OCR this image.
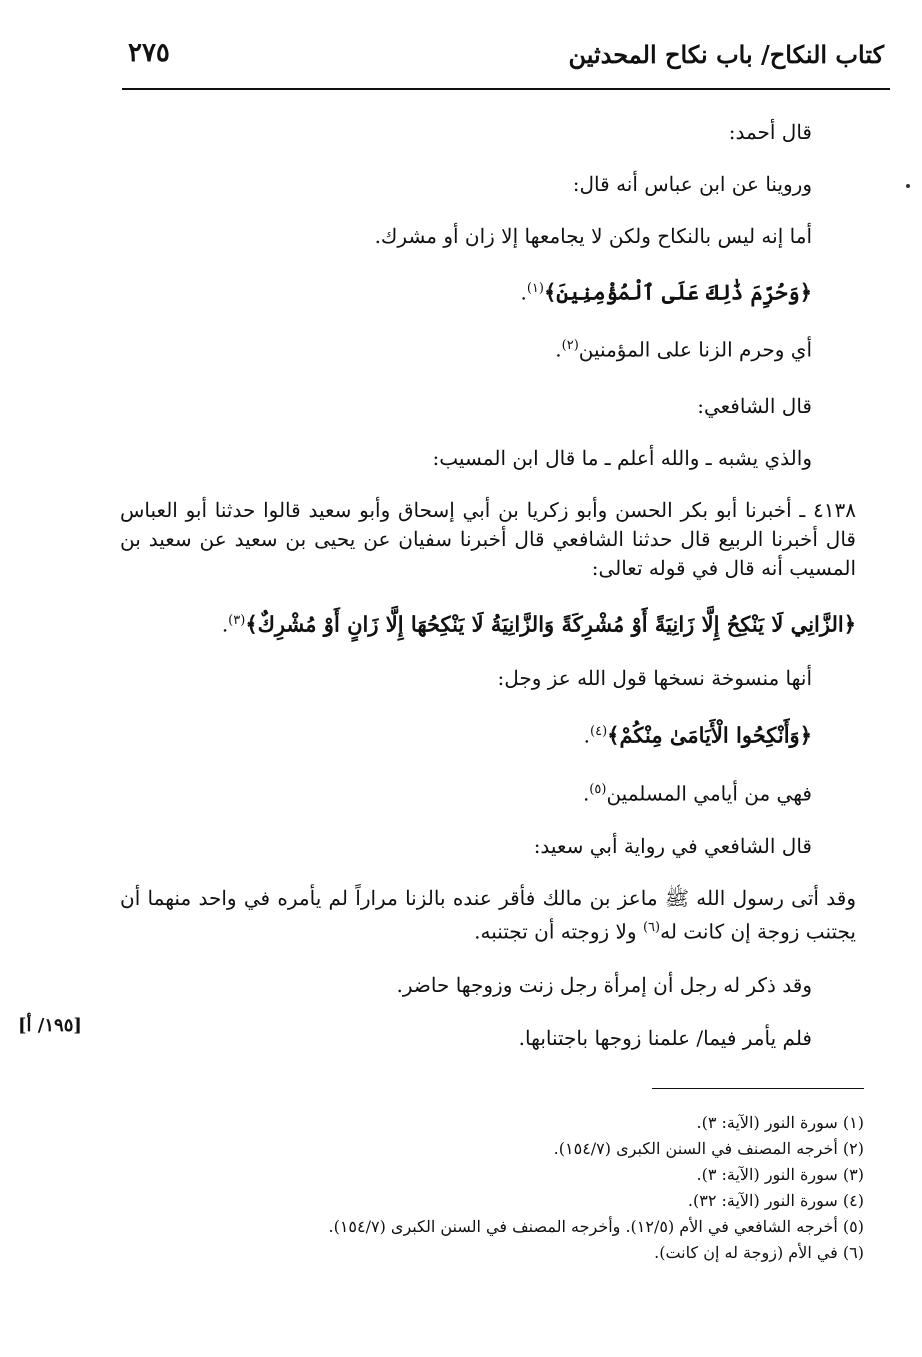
كتاب النكاح/ باب نكاح المحدثين
٢٧٥

قال أحمد:

وروينا عن ابن عباس أنه قال:

أما إنه ليس بالنكاح ولكن لا يجامعها إلا زان أو مشرك.

﴿وَحُرِّمَ ذَٰلِكَ عَلَى ٱلْمُؤْمِنِينَ﴾$^{(١)}$.

أي وحرم الزنا على المؤمنين$^{(٢)}$.

قال الشافعي:

والذي يشبه ـ والله أعلم ـ ما قال ابن المسيب:

٤١٣٨ ـ أخبرنا أبو بكر الحسن وأبو زكريا بن أبي إسحاق وأبو سعيد قالوا حدثنا أبو العباس قال أخبرنا الربيع قال حدثنا الشافعي قال أخبرنا سفيان عن يحيى بن سعيد عن سعيد بن المسيب أنه قال في قوله تعالى:

﴿الزَّانِي لَا يَنْكِحُ إِلَّا زَانِيَةً أَوْ مُشْرِكَةً وَالزَّانِيَةُ لَا يَنْكِحُهَا إِلَّا زَانٍ أَوْ مُشْرِكٌ﴾$^{(٣)}$.

أنها منسوخة نسخها قول الله عز وجل:

﴿وَأَنْكِحُوا الْأَيَامَىٰ مِنْكُمْ﴾$^{(٤)}$.

فهي من أيامي المسلمين$^{(٥)}$.

قال الشافعي في رواية أبي سعيد:

وقد أتى رسول الله ﷺ ماعز بن مالك فأقر عنده بالزنا مراراً لم يأمره في واحد منهما أن يجتنب زوجة إن كانت له$^{(٦)}$ ولا زوجته أن تجتنبه.

وقد ذكر له رجل أن إمرأة رجل زنت وزوجها حاضر.

فلم يأمر فيما/ علمنا زوجها باجتنابها.

[١٩٥/ أ]
(١) سورة النور (الآية: ٣).
(٢) أخرجه المصنف في السنن الكبرى (١٥٤/٧).
(٣) سورة النور (الآية: ٣).
(٤) سورة النور (الآية: ٣٢).
(٥) أخرجه الشافعي في الأم (١٢/٥). وأخرجه المصنف في السنن الكبرى (١٥٤/٧).
(٦) في الأم (زوجة له إن كانت).
